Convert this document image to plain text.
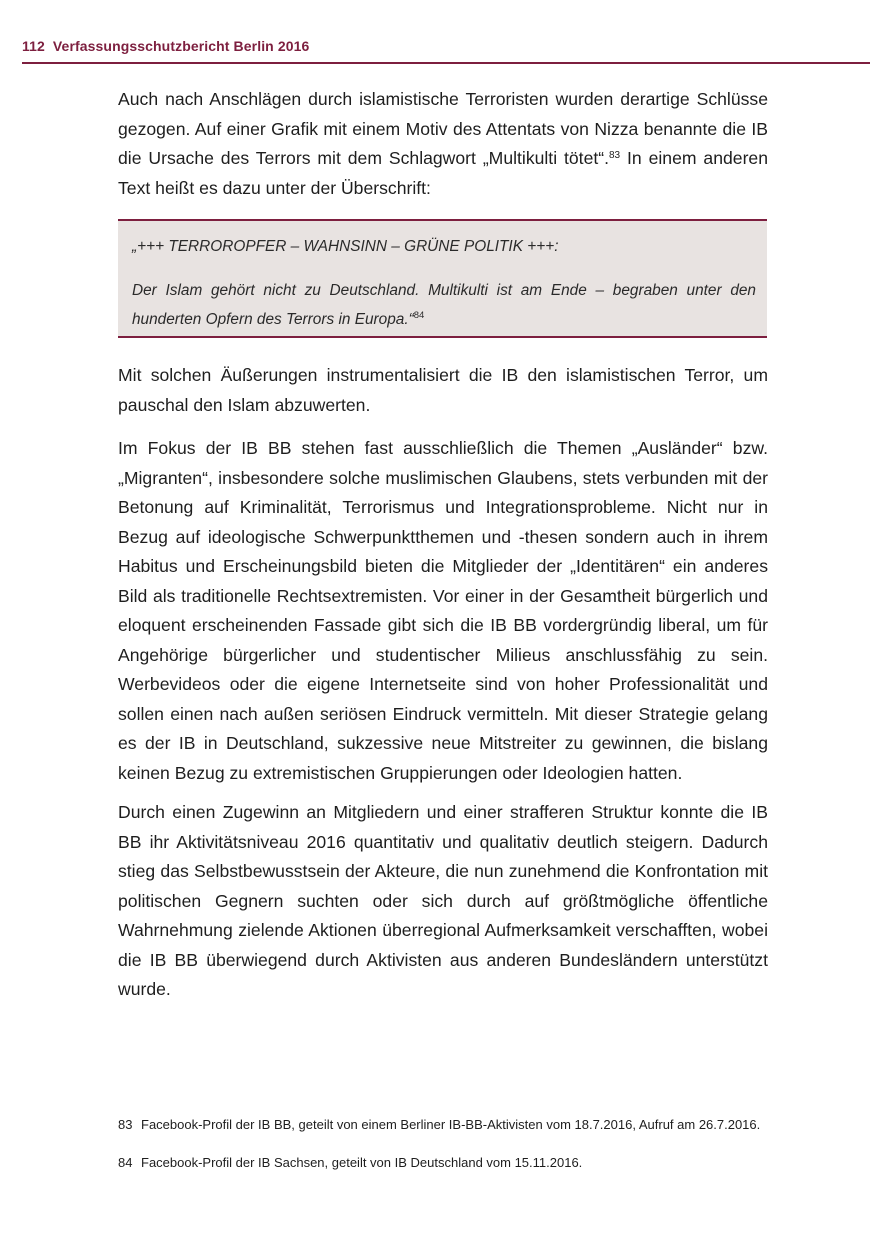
112 Verfassungsschutzbericht Berlin 2016

Auch nach Anschlägen durch islamistische Terroristen wurden derartige Schlüsse gezogen. Auf einer Grafik mit einem Motiv des Attentats von Nizza benannte die IB die Ursache des Terrors mit dem Schlagwort „Multikulti tötet“.$^{83}$ In einem anderen Text heißt es dazu unter der Überschrift:

„+++ TERROROPFER – WAHNSINN – GRÜNE POLITIK +++:

Der Islam gehört nicht zu Deutschland. Multikulti ist am Ende – begraben unter den hunderten Opfern des Terrors in Europa.“$^{84}$

Mit solchen Äußerungen instrumentalisiert die IB den islamistischen Terror, um pauschal den Islam abzuwerten.

Im Fokus der IB BB stehen fast ausschließlich die Themen „Ausländer“ bzw. „Migranten“, insbesondere solche muslimischen Glaubens, stets verbunden mit der Betonung auf Kriminalität, Terrorismus und Integrationsprobleme. Nicht nur in Bezug auf ideologische Schwerpunktthemen und -thesen sondern auch in ihrem Habitus und Erscheinungsbild bieten die Mitglieder der „Identitären“ ein anderes Bild als traditionelle Rechtsextremisten. Vor einer in der Gesamtheit bürgerlich und eloquent erscheinenden Fassade gibt sich die IB BB vordergründig liberal, um für Angehörige bürgerlicher und studentischer Milieus anschlussfähig zu sein. Werbevideos oder die eigene Internetseite sind von hoher Professionalität und sollen einen nach außen seriösen Eindruck vermitteln. Mit dieser Strategie gelang es der IB in Deutschland, sukzessive neue Mitstreiter zu gewinnen, die bislang keinen Bezug zu extremistischen Gruppierungen oder Ideologien hatten.

Durch einen Zugewinn an Mitgliedern und einer strafferen Struktur konnte die IB BB ihr Aktivitätsniveau 2016 quantitativ und qualitativ deutlich steigern. Dadurch stieg das Selbstbewusstsein der Akteure, die nun zunehmend die Konfrontation mit politischen Gegnern suchten oder sich durch auf größtmögliche öffentliche Wahrnehmung zielende Aktionen überregional Aufmerksamkeit verschafften, wobei die IB BB überwiegend durch Aktivisten aus anderen Bundesländern unterstützt wurde.

83 Facebook-Profil der IB BB, geteilt von einem Berliner IB-BB-Aktivisten vom 18.7.2016, Aufruf am 26.7.2016.
84 Facebook-Profil der IB Sachsen, geteilt von IB Deutschland vom 15.11.2016.
